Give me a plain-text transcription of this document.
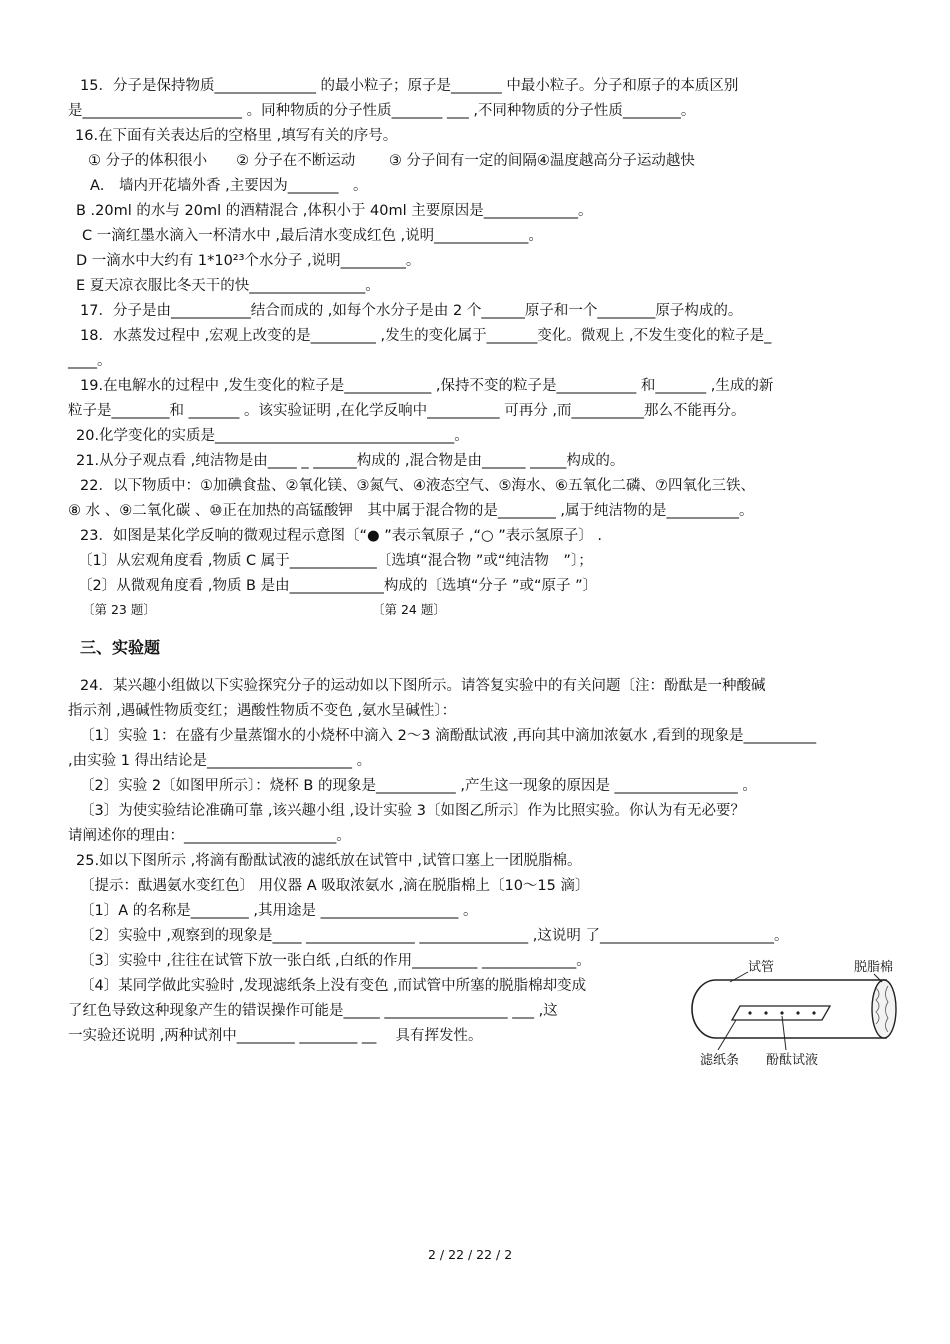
15．分子是保持物质______________ 的最小粒子；原子是_______ 中最小粒子。分子和原子的本质区别
是______________________ 。同种物质的分子性质_______ ___ ,不同种物质的分子性质________。
16.在下面有关表达后的空格里 ,填写有关的序号。
① 分子的体积很小　　② 分子在不断运动　　 ③ 分子间有一定的间隔④温度越高分子运动越快
A． 墙内开花墙外香 ,主要因为_______　。
B .20ml 的水与 20ml 的酒精混合 ,体积小于 40ml 主要原因是_____________。
C 一滴红墨水滴入一杯清水中 ,最后清水变成红色 ,说明_____________。
D 一滴水中大约有 1*10²³个水分子 ,说明_________。
E 夏天凉衣服比冬天干的快________________。
17．分子是由___________结合而成的 ,如每个水分子是由 2 个______原子和一个________原子构成的。
18．水蒸发过程中 ,宏观上改变的是_________ ,发生的变化属于_______变化。微观上 ,不发生变化的粒子是_
____。
19.在电解水的过程中 ,发生变化的粒子是____________ ,保持不变的粒子是___________ 和_______ ,生成的新
粒子是________和 _______ 。该实验证明 ,在化学反响中__________ 可再分 ,而__________那么不能再分。
20.化学变化的实质是_________________________________。
21.从分子观点看 ,纯洁物是由____ _ ______构成的 ,混合物是由______ _____构成的。
22．以下物质中：①加碘食盐、②氧化镁、③氮气、④液态空气、⑤海水、⑥五氧化二磷、⑦四氧化三铁、
⑧ 水 、⑨二氧化碳 、⑩正在加热的高锰酸钾　其中属于混合物的是________ ,属于纯洁物的是__________。
23．如图是某化学反响的微观过程示意图〔“● ”表示氧原子 ,“○ ”表示氢原子〕 .
〔1〕从宏观角度看 ,物质 C 属于____________〔选填“混合物 ”或“纯洁物　”〕；
〔2〕从微观角度看 ,物质 B 是由_____________构成的〔选填“分子 ”或“原子 ”〕
〔第 23 题〕	〔第 24 题〕
三、实验题
24．某兴趣小组做以下实验探究分子的运动如以下图所示。请答复实验中的有关问题〔注：酚酞是一种酸碱
指示剂 ,遇碱性物质变红；遇酸性物质不变色 ,氨水呈碱性〕：
〔1〕实验 1：在盛有少量蒸馏水的小烧杯中滴入 2～3 滴酚酞试液 ,再向其中滴加浓氨水 ,看到的现象是__________
,由实验 1 得出结论是____________________ 。
〔2〕实验 2〔如图甲所示〕：烧杯 B 的现象是___________ ,产生这一现象的原因是 _________________ 。
〔3〕为使实验结论准确可靠 ,该兴趣小组 ,设计实验 3〔如图乙所示〕作为比照实验。你认为有无必要？
请阐述你的理由：_____________________。
25.如以下图所示 ,将滴有酚酞试液的滤纸放在试管中 ,试管口塞上一团脱脂棉。
〔提示：酞遇氨水变红色〕 用仪器 A 吸取浓氨水 ,滴在脱脂棉上〔10～15 滴〕
〔1〕A 的名称是________ ,其用途是 ___________________ 。
〔2〕实验中 ,观察到的现象是____ _______________ _______________ ,这说明 了________________________。
〔3〕实验中 ,往往在试管下放一张白纸 ,白纸的作用_________ _____________。
〔4〕某同学做此实验时 ,发现滤纸条上没有变色 ,而试管中所塞的脱脂棉却变成
了红色导致这种现象产生的错误操作可能是_____ _________________ ___ ,这
一实验还说明 ,两种试剂中________ ________ __　 具有挥发性。
试管	脱脂棉
滤纸条 酚酞试液
2 / 22 / 22 / 2
